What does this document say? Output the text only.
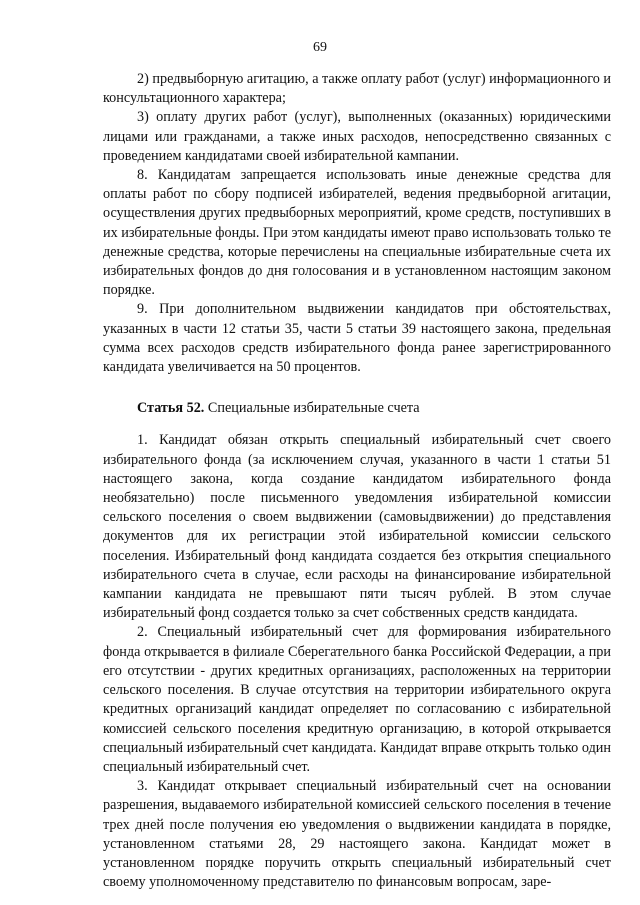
69

2) предвыборную агитацию, а также оплату работ (услуг) информационного и консультационного характера;

3) оплату других работ (услуг), выполненных (оказанных) юридическими лицами или гражданами, а также иных расходов, непосредственно связанных с проведением кандидатами своей избирательной кампании.

8. Кандидатам запрещается использовать иные денежные средства для оплаты работ по сбору подписей избирателей, ведения предвыборной агитации, осуществления других предвыборных мероприятий, кроме средств, поступивших в их избирательные фонды. При этом кандидаты имеют право использовать только те денежные средства, которые перечислены на специальные избирательные счета их избирательных фондов до дня голосования и в установленном настоящим законом порядке.

9. При дополнительном выдвижении кандидатов при обстоятельствах, указанных в части 12 статьи 35, части 5 статьи 39 настоящего закона, предельная сумма всех расходов средств избирательного фонда ранее зарегистрированного кандидата увеличивается на 50 процентов.

Статья 52. Специальные избирательные счета

1. Кандидат обязан открыть специальный избирательный счет своего избирательного фонда (за исключением случая, указанного в части 1 статьи 51 настоящего закона, когда создание кандидатом избирательного фонда необязательно) после письменного уведомления избирательной комиссии сельского поселения о своем выдвижении (самовыдвижении) до представления документов для их регистрации этой избирательной комиссии сельского поселения. Избирательный фонд кандидата создается без открытия специального избирательного счета в случае, если расходы на финансирование избирательной кампании кандидата не превышают пяти тысяч рублей. В этом случае избирательный фонд создается только за счет собственных средств кандидата.

2. Специальный избирательный счет для формирования избирательного фонда открывается в филиале Сберегательного банка Российской Федерации, а при его отсутствии - других кредитных организациях, расположенных на территории сельского поселения. В случае отсутствия на территории избирательного округа кредитных организаций кандидат определяет по согласованию с избирательной комиссией сельского поселения кредитную организацию, в которой открывается специальный избирательный счет кандидата. Кандидат вправе открыть только один специальный избирательный счет.

3. Кандидат открывает специальный избирательный счет на основании разрешения, выдаваемого избирательной комиссией сельского поселения в течение трех дней после получения ею уведомления о выдвижении кандидата в порядке, установленном статьями 28, 29 настоящего закона. Кандидат может в установленном порядке поручить открыть специальный избирательный счет своему уполномоченному представителю по финансовым вопросам, заре-
